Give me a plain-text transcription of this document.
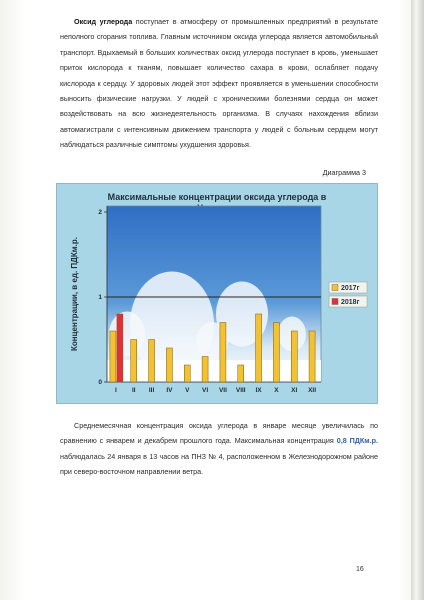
Оксид углерода поступает в атмосферу от промышленных предприятий в результате неполного сгорания топлива. Главным источником оксида углерода является автомобильный транспорт. Вдыхаемый в больших количествах оксид углерода поступает в кровь, уменьшает приток кислорода к тканям, повышает количество сахара в крови, ослабляет подачу кислорода к сердцу. У здоровых людей этот эффект проявляется в уменьшении способности выносить физические нагрузки. У людей с хроническими болезнями сердца он может воздействовать на всю жизнедеятельность организма. В случаях нахождения вблизи автомагистрали с интенсивным движением транспорта у людей с больным сердцем могут наблюдаться различные симптомы ухудшения здоровья.
Диаграмма 3
Максимальные концентрации оксида углерода в
0
1
2
Концентрации, в ед. ПДКм.р.
I II III IV V VI VII VIII IX X XI XII
2017г
2018г
Среднемесячная концентрация оксида углерода в январе месяце увеличилась по сравнению с январем и декабрем прошлого года. Максимальная концентрация 0,8 ПДКм.р. наблюдалась 24 января в 13 часов на ПНЗ № 4, расположенном в Железнодорожном районе при северо-восточном направлении ветра.
16
